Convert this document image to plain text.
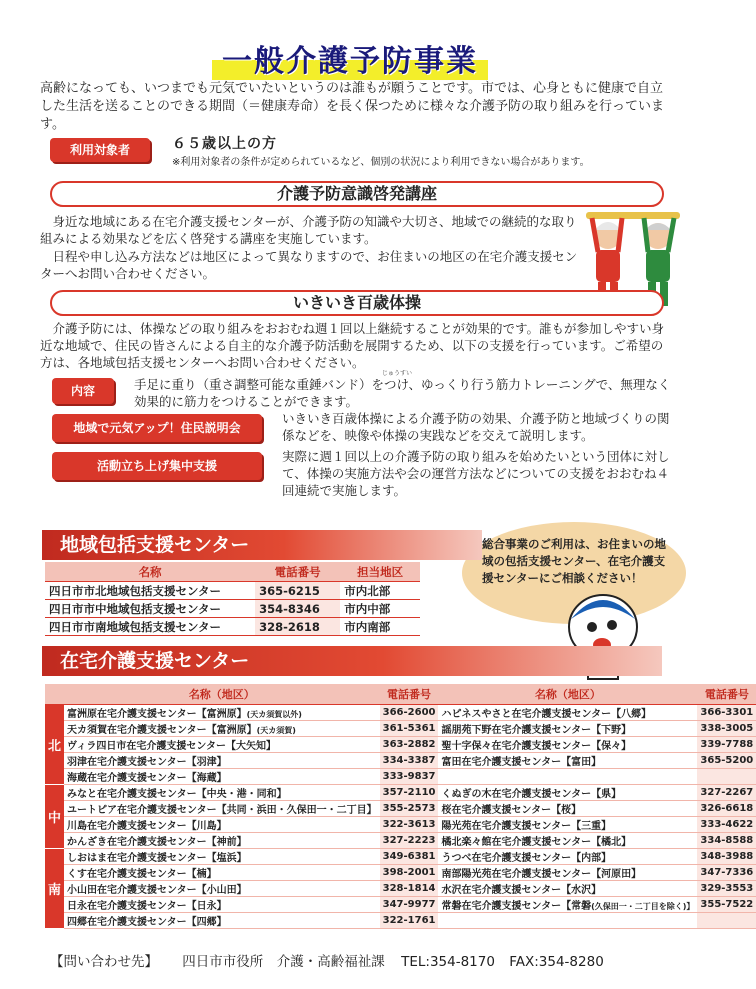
一般介護予防事業
高齢になっても、いつまでも元気でいたいというのは誰もが願うことです。市では、心身ともに健康で自立した生活を送ることのできる期間（＝健康寿命）を長く保つために様々な介護予防の取り組みを行っています。
利用対象者	６５歳以上の方
※利用対象者の条件が定められているなど、個別の状況により利用できない場合があります。
介護予防意識啓発講座
身近な地域にある在宅介護支援センターが、介護予防の知識や大切さ、地域での継続的な取り組みによる効果などを広く啓発する講座を実施しています。
日程や申し込み方法などは地区によって異なりますので、お住まいの地区の在宅介護支援センターへお問い合わせください。
いきいき百歳体操
介護予防には、体操などの取り組みをおおむね週１回以上継続することが効果的です。誰もが参加しやすい身近な地域で、住民の皆さんによる自主的な介護予防活動を展開するため、以下の支援を行っています。ご希望の方は、各地域包括支援センターへお問い合わせください。
内容
じゅうすい
手足に重り（重さ調整可能な重錘バンド）をつけ、ゆっくり行う筋力トレーニングで、無理なく効果的に筋力をつけることができます。
地域で元気アップ！住民説明会
いきいき百歳体操による介護予防の効果、介護予防と地域づくりの関係などを、映像や体操の実践などを交えて説明します。
活動立ち上げ集中支援
実際に週１回以上の介護予防の取り組みを始めたいという団体に対して、体操の実施方法や会の運営方法などについての支援をおおむね４回連続で実施します。
総合事業のご利用は、お住まいの地域の包括支援センター、在宅介護支援センターにご相談ください！
地域包括支援センター
名称	電話番号	担当地区
四日市市北地域包括支援センター	365-6215	市内北部
四日市市中地域包括支援センター	354-8346	市内中部
四日市市南地域包括支援センター	328-2618	市内南部
在宅介護支援センター
	名称（地区）	電話番号	名称（地区）	電話番号
北	富洲原在宅介護支援センター【富洲原】(天カ須賀以外)	366-2600	ハピネスやさと在宅介護支援センター【八郷】	366-3301
	天カ須賀在宅介護支援センター【富洲原】(天カ須賀)	361-5361	謡朋苑下野在宅介護支援センター【下野】	338-3005
	ヴィラ四日市在宅介護支援センター【大矢知】	363-2882	聖十字保々在宅介護支援センター【保々】	339-7788
	羽津在宅介護支援センター【羽津】	334-3387	富田在宅介護支援センター【富田】	365-5200
	海蔵在宅介護支援センター【海蔵】	333-9837		
中	みなと在宅介護支援センター【中央・港・同和】	357-2110	くぬぎの木在宅介護支援センター【県】	327-2267
	ユートピア在宅介護支援センター【共同・浜田・久保田一・二丁目】	355-2573	桜在宅介護支援センター【桜】	326-6618
	川島在宅介護支援センター【川島】	322-3613	陽光苑在宅介護支援センター【三重】	333-4622
	かんざき在宅介護支援センター【神前】	327-2223	橘北楽々館在宅介護支援センター【橘北】	334-8588
南	しおはま在宅介護支援センター【塩浜】	349-6381	うつべ在宅介護支援センター【内部】	348-3988
	くす在宅介護支援センター【楠】	398-2001	南部陽光苑在宅介護支援センター【河原田】	347-7336
	小山田在宅介護支援センター【小山田】	328-1814	水沢在宅介護支援センター【水沢】	329-3553
	日永在宅介護支援センター【日永】	347-9977	常磐在宅介護支援センター【常磐(久保田一・二丁目を除く)】	355-7522
	四郷在宅介護支援センター【四郷】	322-1761		
【問い合わせ先】 四日市市役所　介護・高齢福祉課 TEL:354-8170 FAX:354-8280
